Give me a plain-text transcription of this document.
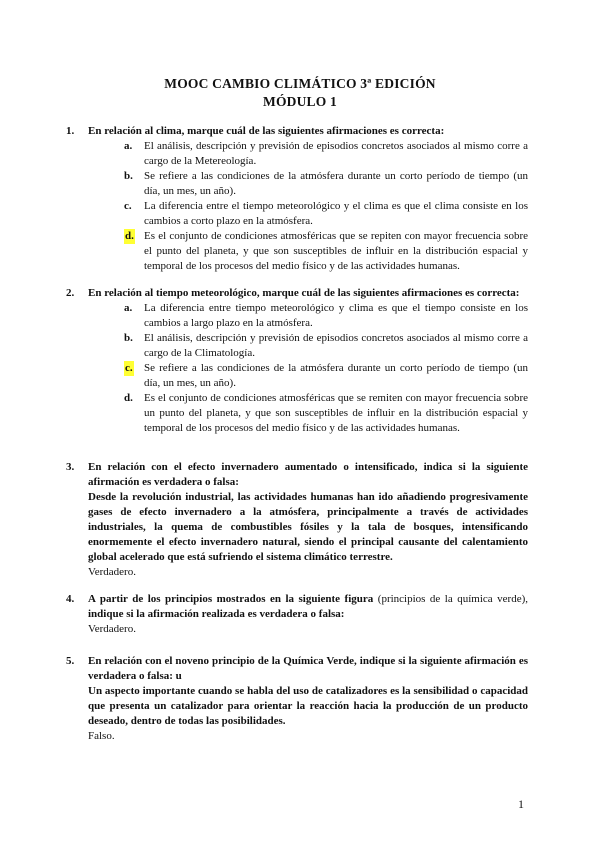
MOOC CAMBIO CLIMÁTICO 3ª EDICIÓN
MÓDULO 1
1. En relación al clima, marque cuál de las siguientes afirmaciones es correcta:
a. El análisis, descripción y previsión de episodios concretos asociados al mismo corre a cargo de la Metereología.
b. Se refiere a las condiciones de la atmósfera durante un corto período de tiempo (un día, un mes, un año).
c. La diferencia entre el tiempo meteorológico y el clima es que el clima consiste en los cambios a corto plazo en la atmósfera.
d. Es el conjunto de condiciones atmosféricas que se repiten con mayor frecuencia sobre el punto del planeta, y que son susceptibles de influir en la distribución espacial y temporal de los procesos del medio físico y de las actividades humanas.
2. En relación al tiempo meteorológico, marque cuál de las siguientes afirmaciones es correcta:
a. La diferencia entre tiempo meteorológico y clima es que el tiempo consiste en los cambios a largo plazo en la atmósfera.
b. El análisis, descripción y previsión de episodios concretos asociados al mismo corre a cargo de la Climatología.
c. Se refiere a las condiciones de la atmósfera durante un corto período de tiempo (un día, un mes, un año).
d. Es el conjunto de condiciones atmosféricas que se remiten con mayor frecuencia sobre un punto del planeta, y que son susceptibles de influir en la distribución espacial y temporal de los procesos del medio físico y de las actividades humanas.
3. En relación con el efecto invernadero aumentado o intensificado, indica si la siguiente afirmación es verdadera o falsa:
Desde la revolución industrial, las actividades humanas han ido añadiendo progresivamente gases de efecto invernadero a la atmósfera, principalmente a través de actividades industriales, la quema de combustibles fósiles y la tala de bosques, intensificando enormemente el efecto invernadero natural, siendo el principal causante del calentamiento global acelerado que está sufriendo el sistema climático terrestre.
Verdadero.
4. A partir de los principios mostrados en la siguiente figura (principios de la química verde), indique si la afirmación realizada es verdadera o falsa:
Verdadero.
5. En relación con el noveno principio de la Química Verde, indique si la siguiente afirmación es verdadera o falsa: u
Un aspecto importante cuando se habla del uso de catalizadores es la sensibilidad o capacidad que presenta un catalizador para orientar la reacción hacia la producción de un producto deseado, dentro de todas las posibilidades.
Falso.
1
